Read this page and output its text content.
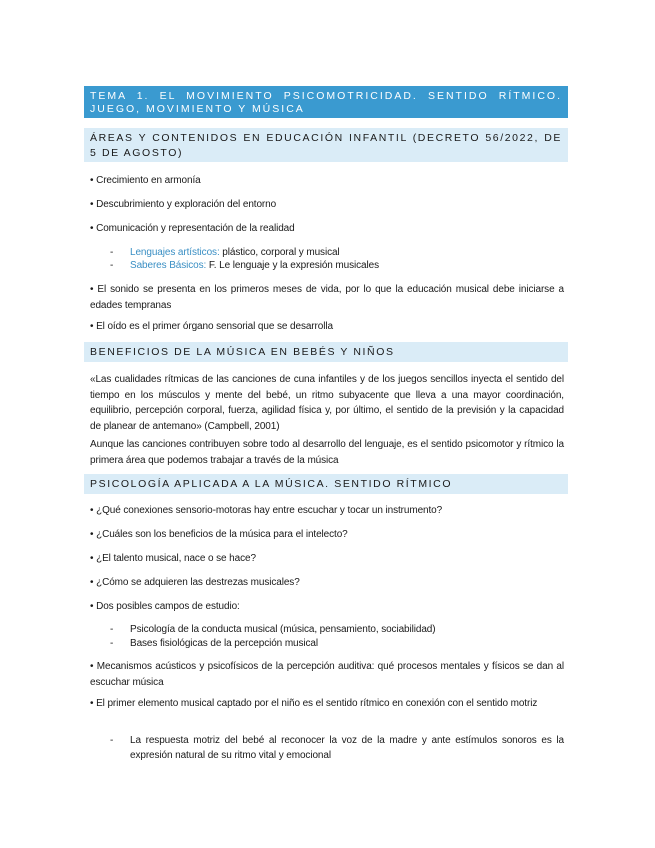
TEMA 1. EL MOVIMIENTO PSICOMOTRICIDAD. SENTIDO RÍTMICO. JUEGO, MOVIMIENTO Y MÚSICA
ÁREAS Y CONTENIDOS EN EDUCACIÓN INFANTIL (DECRETO 56/2022, DE 5 DE AGOSTO)
• Crecimiento en armonía
• Descubrimiento y exploración del entorno
• Comunicación y representación de la realidad
- Lenguajes artísticos: plástico, corporal y musical
- Saberes Básicos: F. Le lenguaje y la expresión musicales
• El sonido se presenta en los primeros meses de vida, por lo que la educación musical debe iniciarse a edades tempranas
• El oído es el primer órgano sensorial que se desarrolla
BENEFICIOS DE LA MÚSICA EN BEBÉS Y NIÑOS
«Las cualidades rítmicas de las canciones de cuna infantiles y de los juegos sencillos inyecta el sentido del tiempo en los músculos y mente del bebé, un ritmo subyacente que lleva a una mayor coordinación, equilibrio, percepción corporal, fuerza, agilidad física y, por último, el sentido de la previsión y la capacidad de planear de antemano» (Campbell, 2001)
Aunque las canciones contribuyen sobre todo al desarrollo del lenguaje, es el sentido psicomotor y rítmico la primera área que podemos trabajar a través de la música
PSICOLOGÍA APLICADA A LA MÚSICA. SENTIDO RÍTMICO
• ¿Qué conexiones sensorio-motoras hay entre escuchar y tocar un instrumento?
• ¿Cuáles son los beneficios de la música para el intelecto?
• ¿El talento musical, nace o se hace?
• ¿Cómo se adquieren las destrezas musicales?
• Dos posibles campos de estudio:
- Psicología de la conducta musical (música, pensamiento, sociabilidad)
- Bases fisiológicas de la percepción musical
• Mecanismos acústicos y psicofísicos de la percepción auditiva: qué procesos mentales y físicos se dan al escuchar música
• El primer elemento musical captado por el niño es el sentido rítmico en conexión con el sentido motriz
- La respuesta motriz del bebé al reconocer la voz de la madre y ante estímulos sonoros es la expresión natural de su ritmo vital y emocional
